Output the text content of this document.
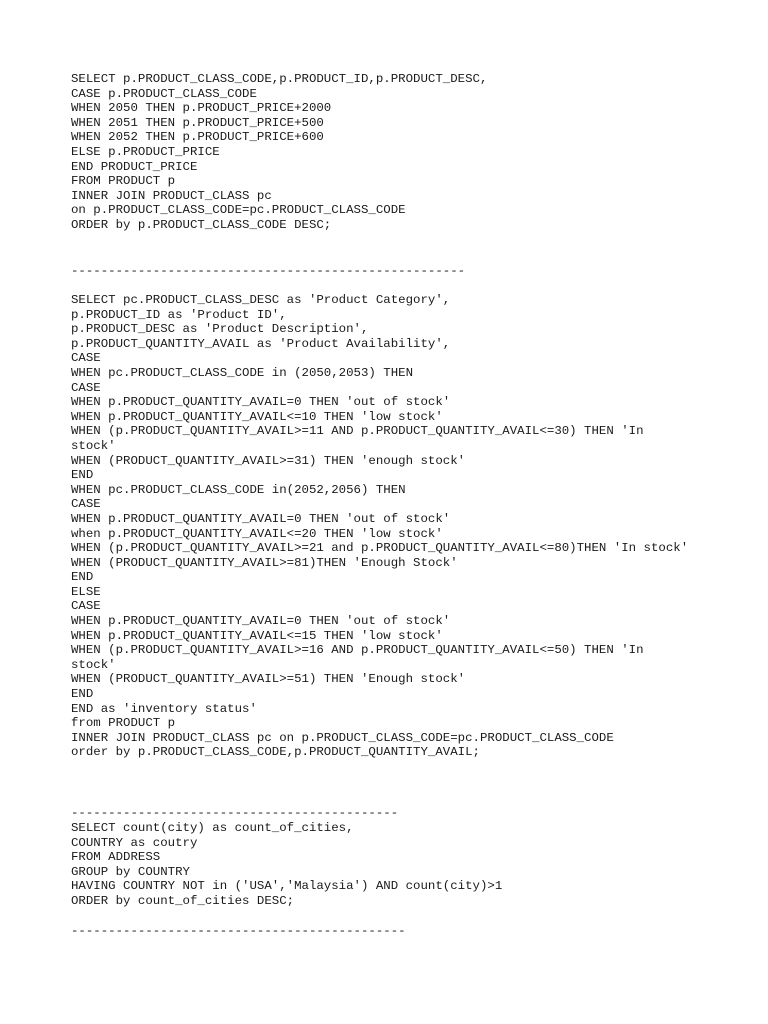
SELECT p.PRODUCT_CLASS_CODE,p.PRODUCT_ID,p.PRODUCT_DESC,
CASE p.PRODUCT_CLASS_CODE
WHEN 2050 THEN p.PRODUCT_PRICE+2000
WHEN 2051 THEN p.PRODUCT_PRICE+500
WHEN 2052 THEN p.PRODUCT_PRICE+600
ELSE p.PRODUCT_PRICE
END PRODUCT_PRICE
FROM PRODUCT p
INNER JOIN PRODUCT_CLASS pc
on p.PRODUCT_CLASS_CODE=pc.PRODUCT_CLASS_CODE
ORDER by p.PRODUCT_CLASS_CODE DESC;
-----------------------------------------------------
SELECT pc.PRODUCT_CLASS_DESC as 'Product Category',
p.PRODUCT_ID as 'Product ID',
p.PRODUCT_DESC as 'Product Description',
p.PRODUCT_QUANTITY_AVAIL as 'Product Availability',
CASE
WHEN pc.PRODUCT_CLASS_CODE in (2050,2053) THEN
CASE
WHEN p.PRODUCT_QUANTITY_AVAIL=0 THEN 'out of stock'
WHEN p.PRODUCT_QUANTITY_AVAIL<=10 THEN 'low stock'
WHEN (p.PRODUCT_QUANTITY_AVAIL>=11 AND p.PRODUCT_QUANTITY_AVAIL<=30) THEN 'In
stock'
WHEN (PRODUCT_QUANTITY_AVAIL>=31) THEN 'enough stock'
END
WHEN pc.PRODUCT_CLASS_CODE in(2052,2056) THEN
CASE
WHEN p.PRODUCT_QUANTITY_AVAIL=0 THEN 'out of stock'
when p.PRODUCT_QUANTITY_AVAIL<=20 THEN 'low stock'
WHEN (p.PRODUCT_QUANTITY_AVAIL>=21 and p.PRODUCT_QUANTITY_AVAIL<=80)THEN 'In stock'
WHEN (PRODUCT_QUANTITY_AVAIL>=81)THEN 'Enough Stock'
END
ELSE
CASE
WHEN p.PRODUCT_QUANTITY_AVAIL=0 THEN 'out of stock'
WHEN p.PRODUCT_QUANTITY_AVAIL<=15 THEN 'low stock'
WHEN (p.PRODUCT_QUANTITY_AVAIL>=16 AND p.PRODUCT_QUANTITY_AVAIL<=50) THEN 'In
stock'
WHEN (PRODUCT_QUANTITY_AVAIL>=51) THEN 'Enough stock'
END
END as 'inventory status'
from PRODUCT p
INNER JOIN PRODUCT_CLASS pc on p.PRODUCT_CLASS_CODE=pc.PRODUCT_CLASS_CODE
order by p.PRODUCT_CLASS_CODE,p.PRODUCT_QUANTITY_AVAIL;
--------------------------------------------
SELECT count(city) as count_of_cities,
COUNTRY as coutry
FROM ADDRESS
GROUP by COUNTRY
HAVING COUNTRY NOT in ('USA','Malaysia') AND count(city)>1
ORDER by count_of_cities DESC;
---------------------------------------------
